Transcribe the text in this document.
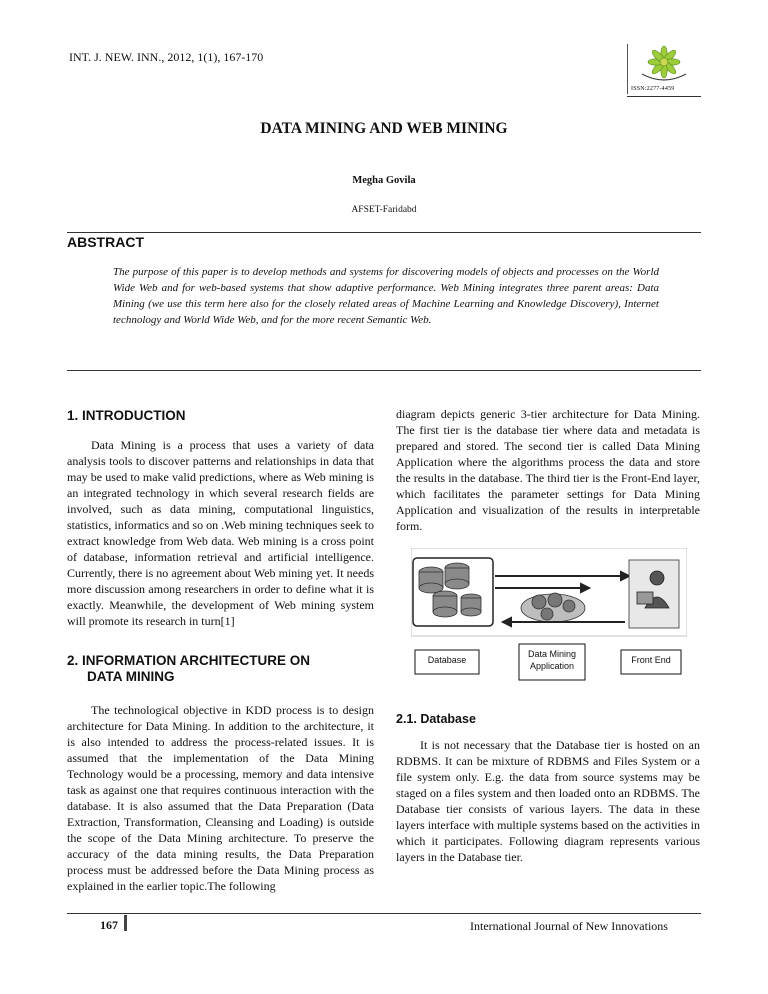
INT. J. NEW. INN., 2012, 1(1), 167-170
ISSN:2277-4459
DATA MINING AND WEB MINING
Megha Govila
AFSET-Faridabd
ABSTRACT
The purpose of this paper is to develop methods and systems for discovering models of objects and processes on the World Wide Web and for web-based systems that show adaptive performance. Web Mining integrates three parent areas: Data Mining (we use this term here also for the closely related areas of Machine Learning and Knowledge Discovery), Internet technology and World Wide Web, and for the more recent Semantic Web.
1. INTRODUCTION
Data Mining is a process that uses a variety of data analysis tools to discover patterns and relationships in data that may be used to make valid predictions, where as Web mining is an integrated technology in which several research fields are involved, such as data mining, computational linguistics, statistics, informatics and so on .Web mining techniques seek to extract knowledge from Web data. Web mining is a cross point of database, information retrieval and artificial intelligence. Currently, there is no agreement about Web mining yet. It needs more discussion among researchers in order to define what it is exactly. Meanwhile, the development of Web mining system will promote its research in turn[1]
2. INFORMATION ARCHITECTURE ON
DATA MINING
The technological objective in KDD process is to design architecture for Data Mining. In addition to the architecture, it is also intended to address the process-related issues. It is assumed that the implementation of the Data Mining Technology would be a processing, memory and data intensive task as against one that requires continuous interaction with the database. It is also assumed that the Data Preparation (Data Extraction, Transformation, Cleansing and Loading) is outside the scope of the Data Mining architecture. To preserve the accuracy of the data mining results, the Data Preparation process must be addressed before the Data Mining process as explained in the earlier topic.The following
diagram depicts generic 3-tier architecture for Data Mining. The first tier is the database tier where data and metadata is prepared and stored. The second tier is called Data Mining Application where the algorithms process the data and store the results in the database. The third tier is the Front-End layer, which facilitates the parameter settings for Data Mining Application and visualization of the results in interpretable form.
Database
Data Mining
Application
Front End
2.1. Database
It is not necessary that the Database tier is hosted on an RDBMS. It can be mixture of RDBMS and Files System or a file system only. E.g. the data from source systems may be staged on a files system and then loaded onto an RDBMS. The Database tier consists of various layers. The data in these layers interface with multiple systems based on the activities in which it participates. Following diagram represents various layers in the Database tier.
167	International Journal of New Innovations
